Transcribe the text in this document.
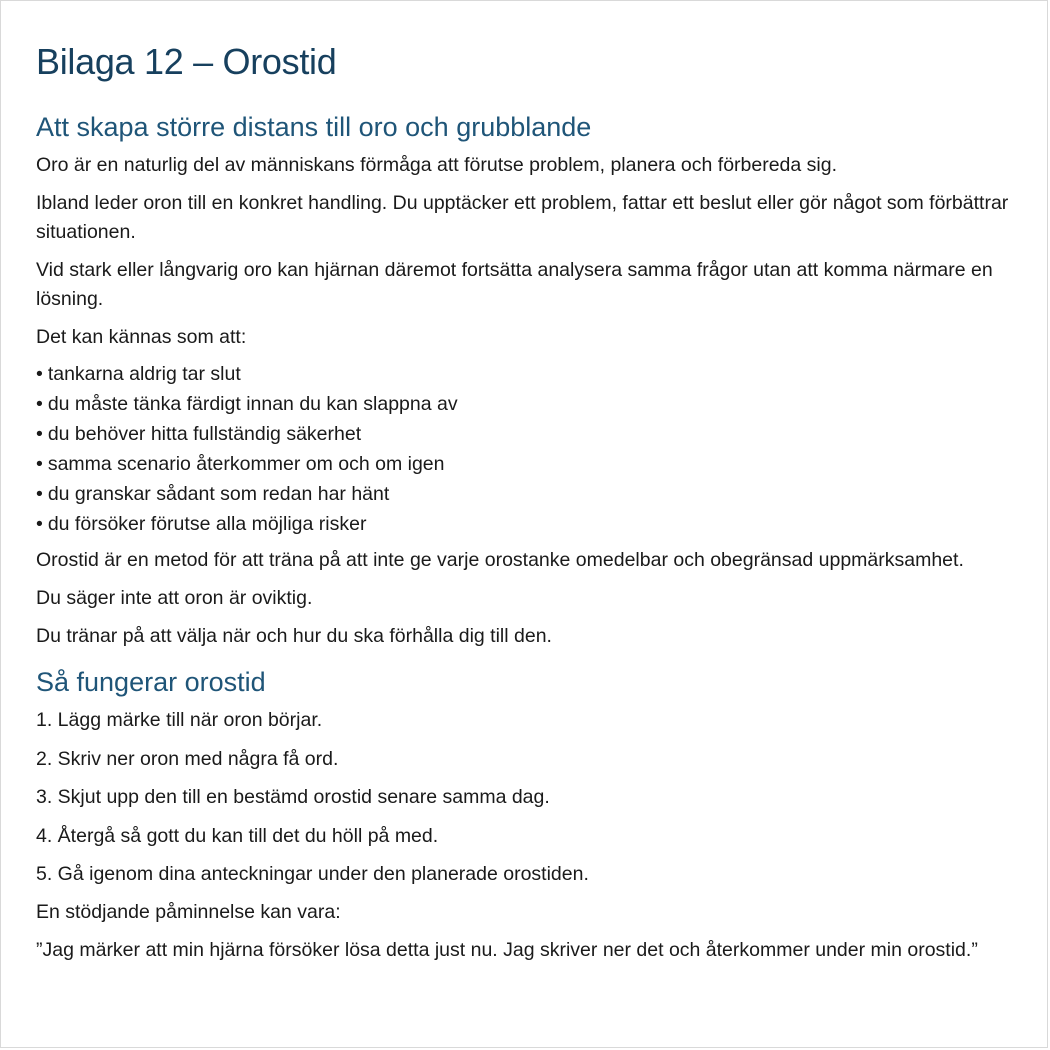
Bilaga 12 – Orostid
Att skapa större distans till oro och grubblande

Oro är en naturlig del av människans förmåga att förutse problem, planera och förbereda sig.

Ibland leder oron till en konkret handling. Du upptäcker ett problem, fattar ett beslut eller gör något som förbättrar situationen.

Vid stark eller långvarig oro kan hjärnan däremot fortsätta analysera samma frågor utan att komma närmare en lösning.

Det kan kännas som att:

• tankarna aldrig tar slut
• du måste tänka färdigt innan du kan slappna av
• du behöver hitta fullständig säkerhet
• samma scenario återkommer om och om igen
• du granskar sådant som redan har hänt
• du försöker förutse alla möjliga risker

Orostid är en metod för att träna på att inte ge varje orostanke omedelbar och obegränsad uppmärksamhet.

Du säger inte att oron är oviktig.

Du tränar på att välja när och hur du ska förhålla dig till den.

Så fungerar orostid
1. Lägg märke till när oron börjar.
2. Skriv ner oron med några få ord.
3. Skjut upp den till en bestämd orostid senare samma dag.
4. Återgå så gott du kan till det du höll på med.
5. Gå igenom dina anteckningar under den planerade orostiden.

En stödjande påminnelse kan vara:

”Jag märker att min hjärna försöker lösa detta just nu. Jag skriver ner det och återkommer under min orostid.”
